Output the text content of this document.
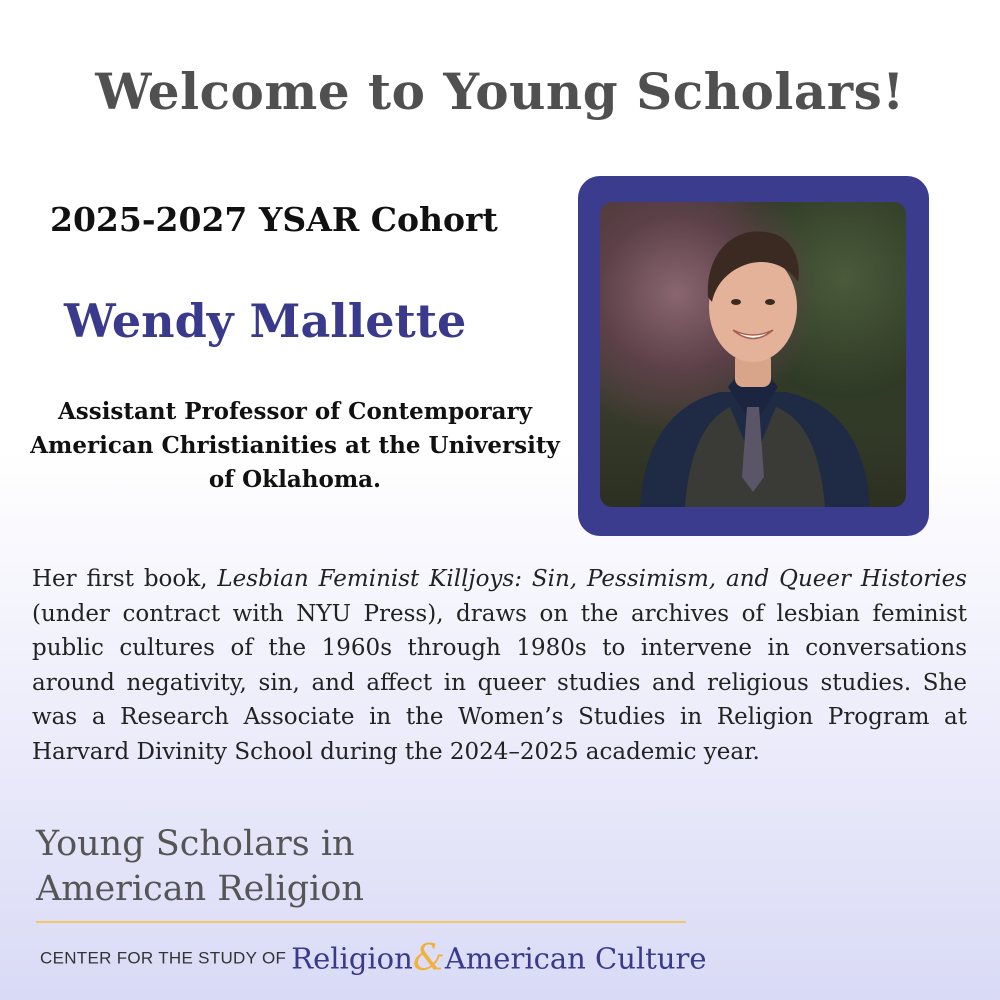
Welcome to Young Scholars!
2025-2027 YSAR Cohort
Wendy Mallette
Assistant Professor of Contemporary American Christianities at the University of Oklahoma.
Her first book, Lesbian Feminist Killjoys: Sin, Pessimism, and Queer Histories (under contract with NYU Press), draws on the archives of lesbian feminist public cultures of the 1960s through 1980s to intervene in conversations around negativity, sin, and affect in queer studies and religious studies. She was a Research Associate in the Women’s Studies in Religion Program at Harvard Divinity School during the 2024–2025 academic year.
Young Scholars in
American Religion
CENTER FOR THE STUDY OF Religion&American Culture
